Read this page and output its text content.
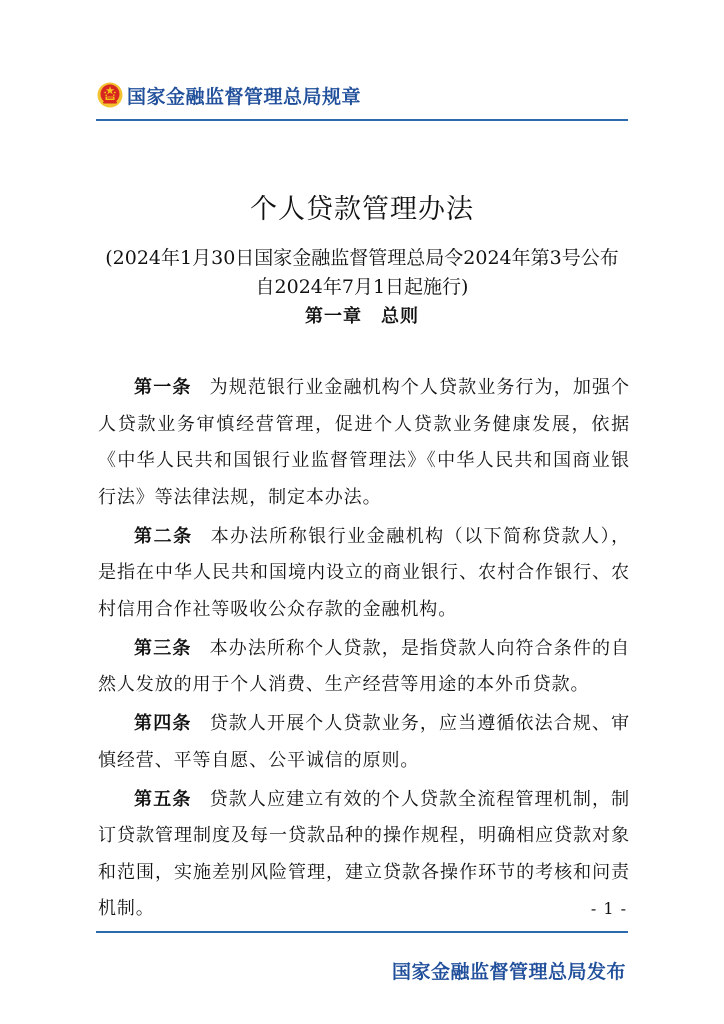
国家金融监督管理总局规章
个人贷款管理办法
(2024年1月30日国家金融监督管理总局令2024年第3号公布　自2024年7月1日起施行)
第一章　总则

第一条 为规范银行业金融机构个人贷款业务行为，加强个人贷款业务审慎经营管理，促进个人贷款业务健康发展，依据《中华人民共和国银行业监督管理法》《中华人民共和国商业银行法》等法律法规，制定本办法。

第二条 本办法所称银行业金融机构（以下简称贷款人），是指在中华人民共和国境内设立的商业银行、农村合作银行、农村信用合作社等吸收公众存款的金融机构。

第三条 本办法所称个人贷款，是指贷款人向符合条件的自然人发放的用于个人消费、生产经营等用途的本外币贷款。

第四条 贷款人开展个人贷款业务，应当遵循依法合规、审慎经营、平等自愿、公平诚信的原则。

第五条 贷款人应建立有效的个人贷款全流程管理机制，制订贷款管理制度及每一贷款品种的操作规程，明确相应贷款对象和范围，实施差别风险管理，建立贷款各操作环节的考核和问责机制。	- 1 -
国家金融监督管理总局发布
